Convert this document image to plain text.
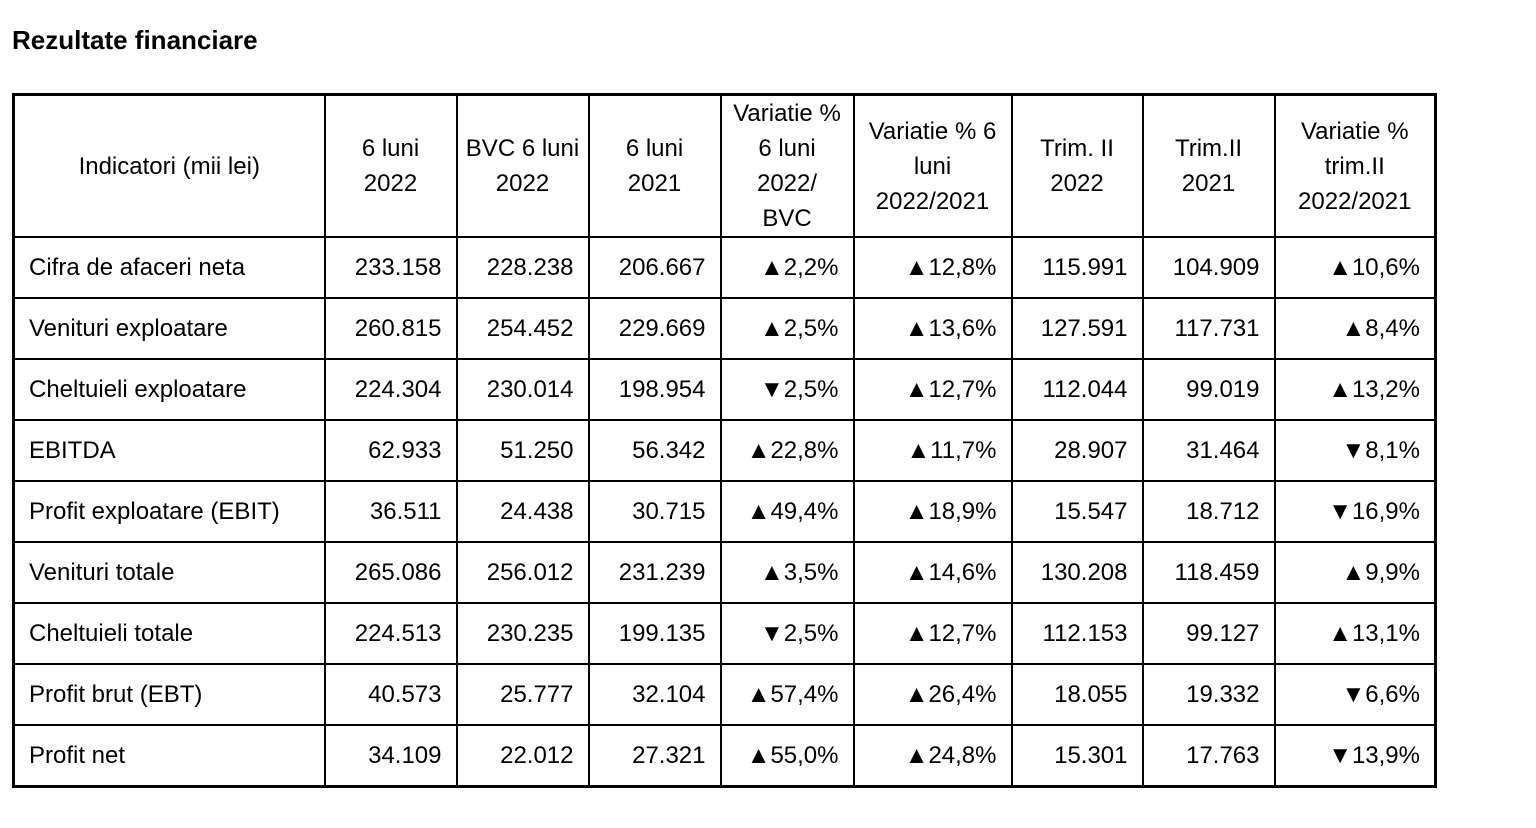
Rezultate financiare
Indicatori (mii lei)	6 luni 2022	BVC 6 luni 2022	6 luni 2021	Variatie % 6 luni 2022/ BVC	Variatie % 6 luni 2022/2021	Trim. II 2022	Trim.II 2021	Variatie % trim.II 2022/2021
Cifra de afaceri neta	233.158	228.238	206.667	▲2,2%	▲12,8%	115.991	104.909	▲10,6%
Venituri exploatare	260.815	254.452	229.669	▲2,5%	▲13,6%	127.591	117.731	▲8,4%
Cheltuieli exploatare	224.304	230.014	198.954	▼2,5%	▲12,7%	112.044	99.019	▲13,2%
EBITDA	62.933	51.250	56.342	▲22,8%	▲11,7%	28.907	31.464	▼8,1%
Profit exploatare (EBIT)	36.511	24.438	30.715	▲49,4%	▲18,9%	15.547	18.712	▼16,9%
Venituri totale	265.086	256.012	231.239	▲3,5%	▲14,6%	130.208	118.459	▲9,9%
Cheltuieli totale	224.513	230.235	199.135	▼2,5%	▲12,7%	112.153	99.127	▲13,1%
Profit brut (EBT)	40.573	25.777	32.104	▲57,4%	▲26,4%	18.055	19.332	▼6,6%
Profit net	34.109	22.012	27.321	▲55,0%	▲24,8%	15.301	17.763	▼13,9%
